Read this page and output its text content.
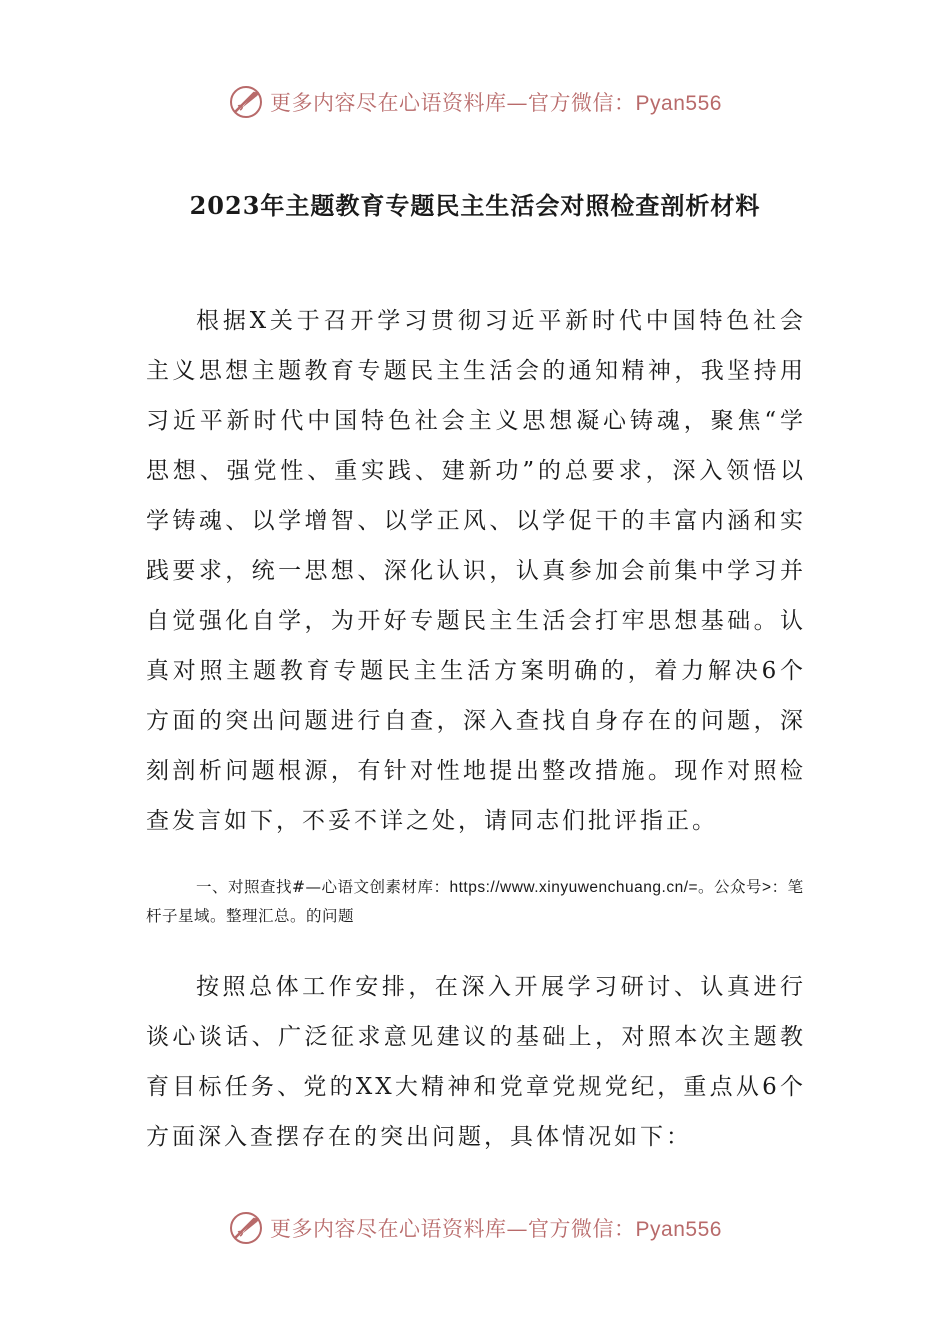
更多内容尽在心语资料库—官方微信：Pyan556
2023年主题教育专题民主生活会对照检查剖析材料
根据X关于召开学习贯彻习近平新时代中国特色社会主义思想主题教育专题民主生活会的通知精神，我坚持用习近平新时代中国特色社会主义思想凝心铸魂，聚焦“学思想、强党性、重实践、建新功”的总要求，深入领悟以学铸魂、以学增智、以学正风、以学促干的丰富内涵和实践要求，统一思想、深化认识，认真参加会前集中学习并自觉强化自学，为开好专题民主生活会打牢思想基础。认真对照主题教育专题民主生活方案明确的，着力解决6个方面的突出问题进行自查，深入查找自身存在的问题，深刻剖析问题根源，有针对性地提出整改措施。现作对照检查发言如下，不妥不详之处，请同志们批评指正。
一、对照查找#—心语文创素材库：https://www.xinyuwenchuang.cn/=。公众号>：笔杆子星域。整理汇总。的问题
按照总体工作安排，在深入开展学习研讨、认真进行谈心谈话、广泛征求意见建议的基础上，对照本次主题教育目标任务、党的XX大精神和党章党规党纪，重点从6个方面深入查摆存在的突出问题，具体情况如下：
更多内容尽在心语资料库—官方微信：Pyan556
